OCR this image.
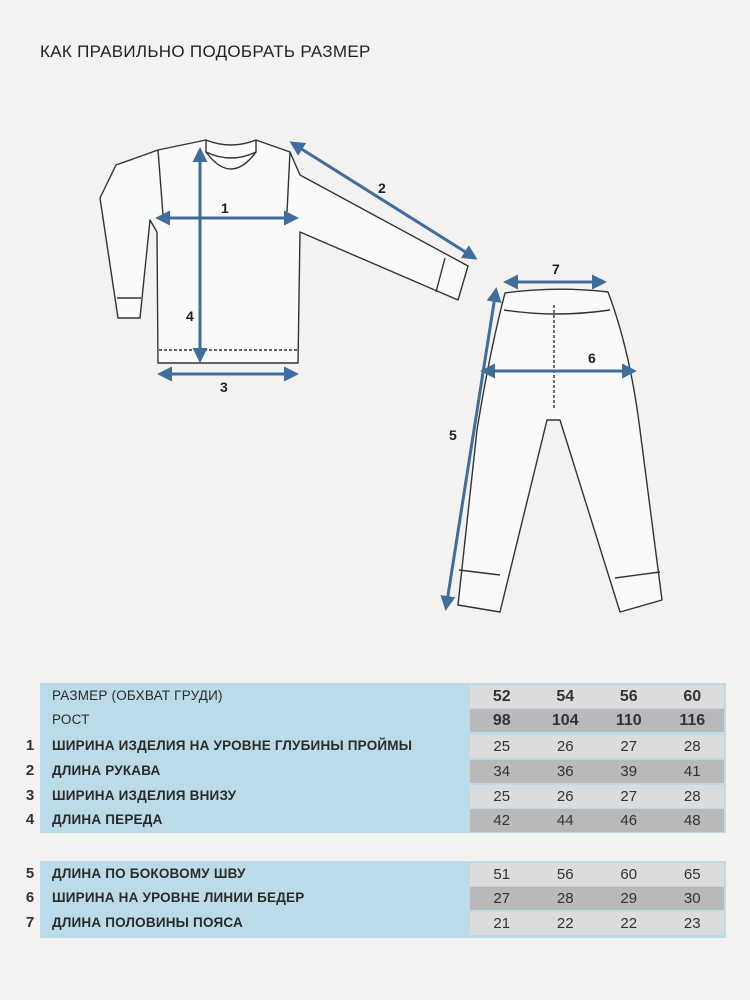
КАК ПРАВИЛЬНО ПОДОБРАТЬ РАЗМЕР
1
2
3
4
5
6
7
РАЗМЕР (ОБХВАТ ГРУДИ)	52	54	56	60
РОСТ	98	104	110	116
1 ШИРИНА ИЗДЕЛИЯ НА УРОВНЕ ГЛУБИНЫ ПРОЙМЫ	25	26	27	28
2 ДЛИНА РУКАВА	34	36	39	41
3 ШИРИНА ИЗДЕЛИЯ ВНИЗУ	25	26	27	28
4 ДЛИНА ПЕРЕДА	42	44	46	48
5 ДЛИНА ПО БОКОВОМУ ШВУ	51	56	60	65
6 ШИРИНА НА УРОВНЕ ЛИНИИ БЕДЕР	27	28	29	30
7 ДЛИНА ПОЛОВИНЫ ПОЯСА	21	22	22	23
